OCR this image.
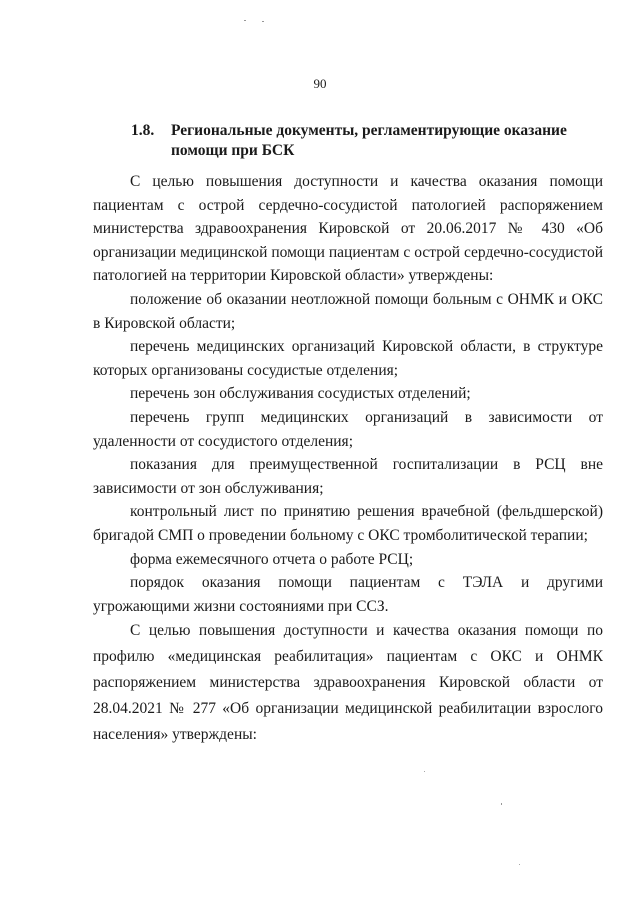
90
1.8. Региональные документы, регламентирующие оказание помощи при БСК

С целью повышения доступности и качества оказания помощи пациентам с острой сердечно-сосудистой патологией распоряжением министерства здравоохранения Кировской от 20.06.2017 № 430 «Об организации медицинской помощи пациентам с острой сердечно-сосудистой патологией на территории Кировской области» утверждены:

положение об оказании неотложной помощи больным с ОНМК и ОКС в Кировской области;

перечень медицинских организаций Кировской области, в структуре которых организованы сосудистые отделения;

перечень зон обслуживания сосудистых отделений;

перечень групп медицинских организаций в зависимости от удаленности от сосудистого отделения;

показания для преимущественной госпитализации в РСЦ вне зависимости от зон обслуживания;

контрольный лист по принятию решения врачебной (фельдшерской) бригадой СМП о проведении больному с ОКС тромболитической терапии;

форма ежемесячного отчета о работе РСЦ;

порядок оказания помощи пациентам с ТЭЛА и другими угрожающими жизни состояниями при ССЗ.

С целью повышения доступности и качества оказания помощи по профилю «медицинская реабилитация» пациентам с ОКС и ОНМК распоряжением министерства здравоохранения Кировской области от 28.04.2021 № 277 «Об организации медицинской реабилитации взрослого населения» утверждены:
